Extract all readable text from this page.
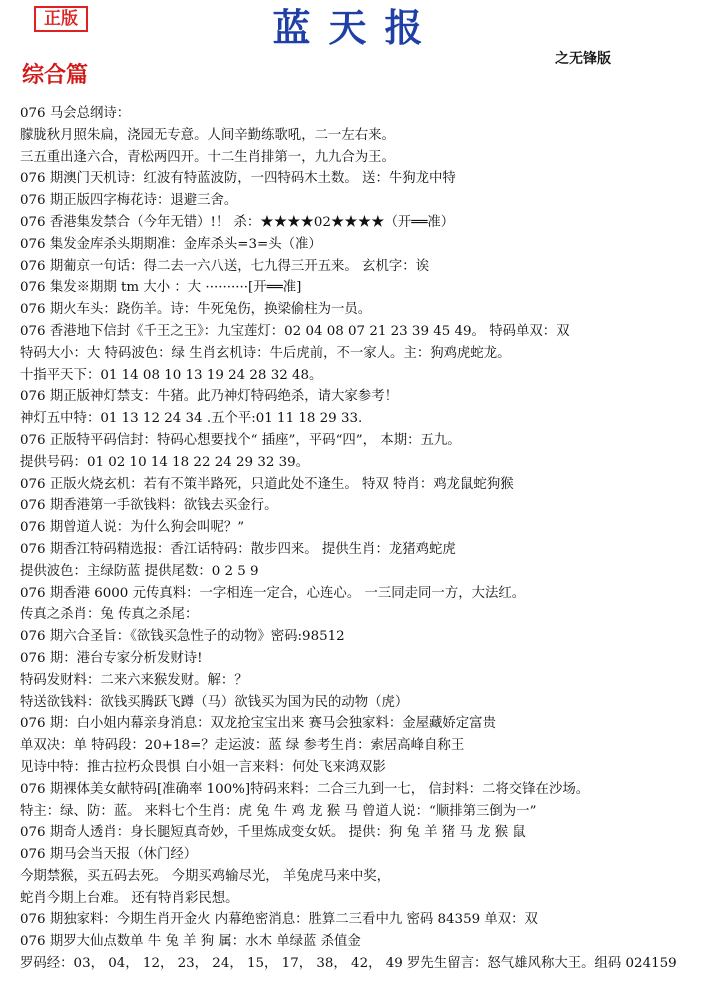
正版	蓝天报
之无锋版
综合篇
076 马会总纲诗：
朦胧秋月照朱扁，浇园无专意。人间辛勤练歌吼，二一左右来。
三五重出逢六合，青松两四开。十二生肖排第一，九九合为王。
076 期澳门天机诗：红波有特蓝波防，一四特码木土数。 送：牛狗龙中特
076 期正版四字梅花诗：退避三舍。
076 香港集发禁合（今年无错）!！ 杀：★★★★02★★★★（开══准）
076 集发金库杀头期期准：金库杀头=3=头（准）
076 期葡京一句话：得二去一六八送，七九得三开五来。 玄机字：诶
076 集发※期期 tm 大小 ：大 ··········[开══准]
076 期火车头：跷伤羊。诗：牛死兔伤，换梁偷柱为一员。
076 香港地下信封《千王之王》：九宝莲灯：02 04 08 07 21 23 39 45 49。 特码单双：双
特码大小：大 特码波色：绿 生肖玄机诗：牛后虎前，不一家人。主：狗鸡虎蛇龙。
十指平天下：01 14 08 10 13 19 24 28 32 48。
076 期正版神灯禁支：牛猪。此乃神灯特码绝杀，请大家参考！
神灯五中特：01 13 12 24 34 .五个平:01 11 18 29 33.
076 正版特平码信封：特码心想要找个“ 插座”，平码“四”， 本期：五九。
提供号码：01 02 10 14 18 22 24 29 32 39。
076 正版火烧玄机：若有不策半路死，只道此处不逢生。 特双 特肖：鸡龙鼠蛇狗猴
076 期香港第一手欲钱料：欲钱去买金行。
076 期曾道人说：为什么狗会叫呢？”
076 期香江特码精选报：香江话特码：散步四来。 提供生肖：龙猪鸡蛇虎
提供波色：主绿防蓝 提供尾数：0 2 5 9
076 期香港 6000 元传真料：一字相连一定合，心连心。 一三同走同一方，大法红。
传真之杀肖：兔 传真之杀尾：
076 期六合圣旨：《欲钱买急性子的动物》密码:98512
076 期：港台专家分析发财诗!
特码发财料：二来六来猴发财。解：？
特送欲钱料：欲钱买腾跃飞蹲（马）欲钱买为国为民的动物（虎）
076 期：白小姐内幕亲身消息：双龙抢宝宝出来 赛马会独家料：金屋藏娇定富贵
单双决：单 特码段：20+18=？走运波：蓝 绿 参考生肖：索居高峰自称王
见诗中特：推古拉朽众畏惧 白小姐一言来料：何处飞来鸿双影
076 期裸体美女献特码[准确率 100%]特码来料：二合三九到一七， 信封料：二将交锋在沙场。
特主：绿、防：蓝。 来料七个生肖：虎 兔 牛 鸡 龙 猴 马 曾道人说：“顺排第三倒为一”
076 期奇人透肖：身长腿短真奇妙，千里炼成变女妖。 提供：狗 兔 羊 猪 马 龙 猴 鼠
076 期马会当天报（休门经）
今期禁猴，买五码去死。 今期买鸡输尽光， 羊兔虎马来中奖，
蛇肖今期上台难。 还有特肖彩民想。
076 期独家料：今期生肖开金火 内幕绝密消息：胜算二三看中九 密码 84359 单双：双
076 期罗大仙点数单 牛 兔 羊 狗 属：水木 单绿蓝 杀值金
罗码经：03， 04， 12， 23， 24， 15， 17， 38， 42， 49 罗先生留言：怒气雄风称大王。组码 024159
